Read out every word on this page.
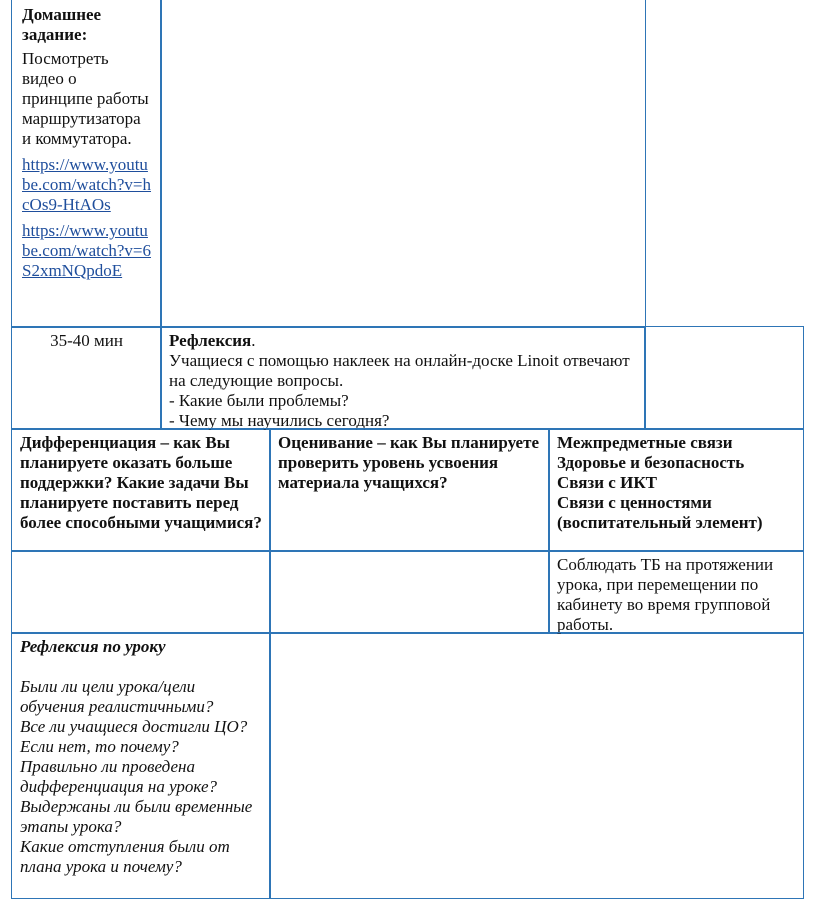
Домашнее задание:

Посмотреть видео о принципе работы маршрутизатора и коммутатора.

https://www.youtube.com/watch?v=hcOs9-HtAOs
https://www.youtube.com/watch?v=6S2xmNQpdoE
35-40 мин	Рефлексия.

Учащиеся с помощью наклеек на онлайн-доске Linoit отвечают на следующие вопросы.

- Какие были проблемы?

- Чему мы научились сегодня?

Дифференциация – как Вы планируете оказать больше поддержки? Какие задачи Вы планируете поставить перед более способными учащимися?
Оценивание – как Вы планируете проверить уровень усвоения материала учащихся?
Межпредметные связи
Здоровье и безопасность
Связи с ИКТ
Связи с ценностями
(воспитательный элемент)
Соблюдать ТБ на протяжении урока, при перемещении по кабинету во время групповой работы.

Рефлексия по уроку

Были ли цели урока/цели обучения реалистичными?

Все ли учащиеся достигли ЦО?

Если нет, то почему?

Правильно ли проведена дифференциация на уроке?

Выдержаны ли были временные этапы урока?

Какие отступления были от плана урока и почему?
